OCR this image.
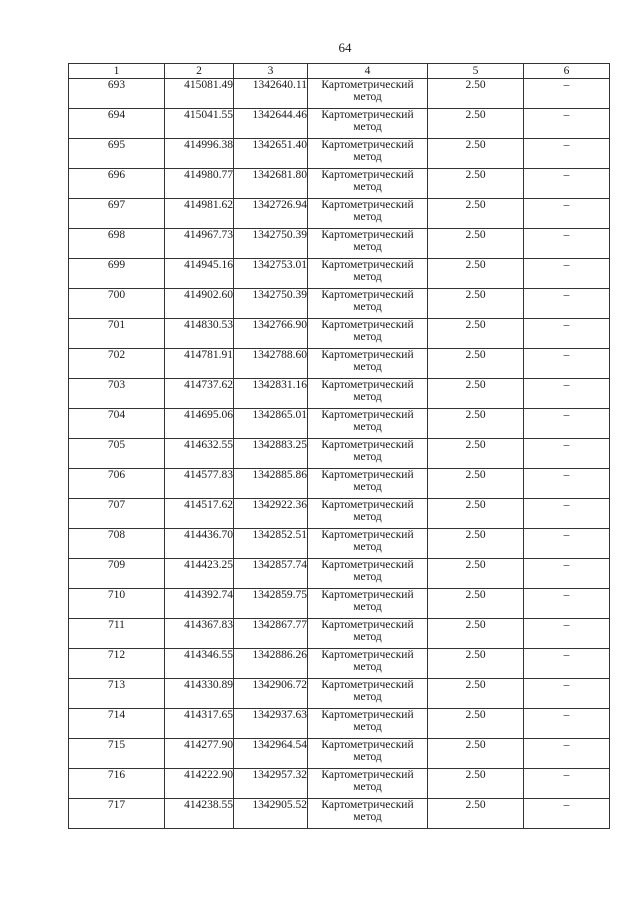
64
1	2	3	4	5	6
693	415081.49	1342640.11	Картометрический метод	2.50	–
694	415041.55	1342644.46	Картометрический метод	2.50	–
695	414996.38	1342651.40	Картометрический метод	2.50	–
696	414980.77	1342681.80	Картометрический метод	2.50	–
697	414981.62	1342726.94	Картометрический метод	2.50	–
698	414967.73	1342750.39	Картометрический метод	2.50	–
699	414945.16	1342753.01	Картометрический метод	2.50	–
700	414902.60	1342750.39	Картометрический метод	2.50	–
701	414830.53	1342766.90	Картометрический метод	2.50	–
702	414781.91	1342788.60	Картометрический метод	2.50	–
703	414737.62	1342831.16	Картометрический метод	2.50	–
704	414695.06	1342865.01	Картометрический метод	2.50	–
705	414632.55	1342883.25	Картометрический метод	2.50	–
706	414577.83	1342885.86	Картометрический метод	2.50	–
707	414517.62	1342922.36	Картометрический метод	2.50	–
708	414436.70	1342852.51	Картометрический метод	2.50	–
709	414423.25	1342857.74	Картометрический метод	2.50	–
710	414392.74	1342859.75	Картометрический метод	2.50	–
711	414367.83	1342867.77	Картометрический метод	2.50	–
712	414346.55	1342886.26	Картометрический метод	2.50	–
713	414330.89	1342906.72	Картометрический метод	2.50	–
714	414317.65	1342937.63	Картометрический метод	2.50	–
715	414277.90	1342964.54	Картометрический метод	2.50	–
716	414222.90	1342957.32	Картометрический метод	2.50	–
717	414238.55	1342905.52	Картометрический метод	2.50	–
